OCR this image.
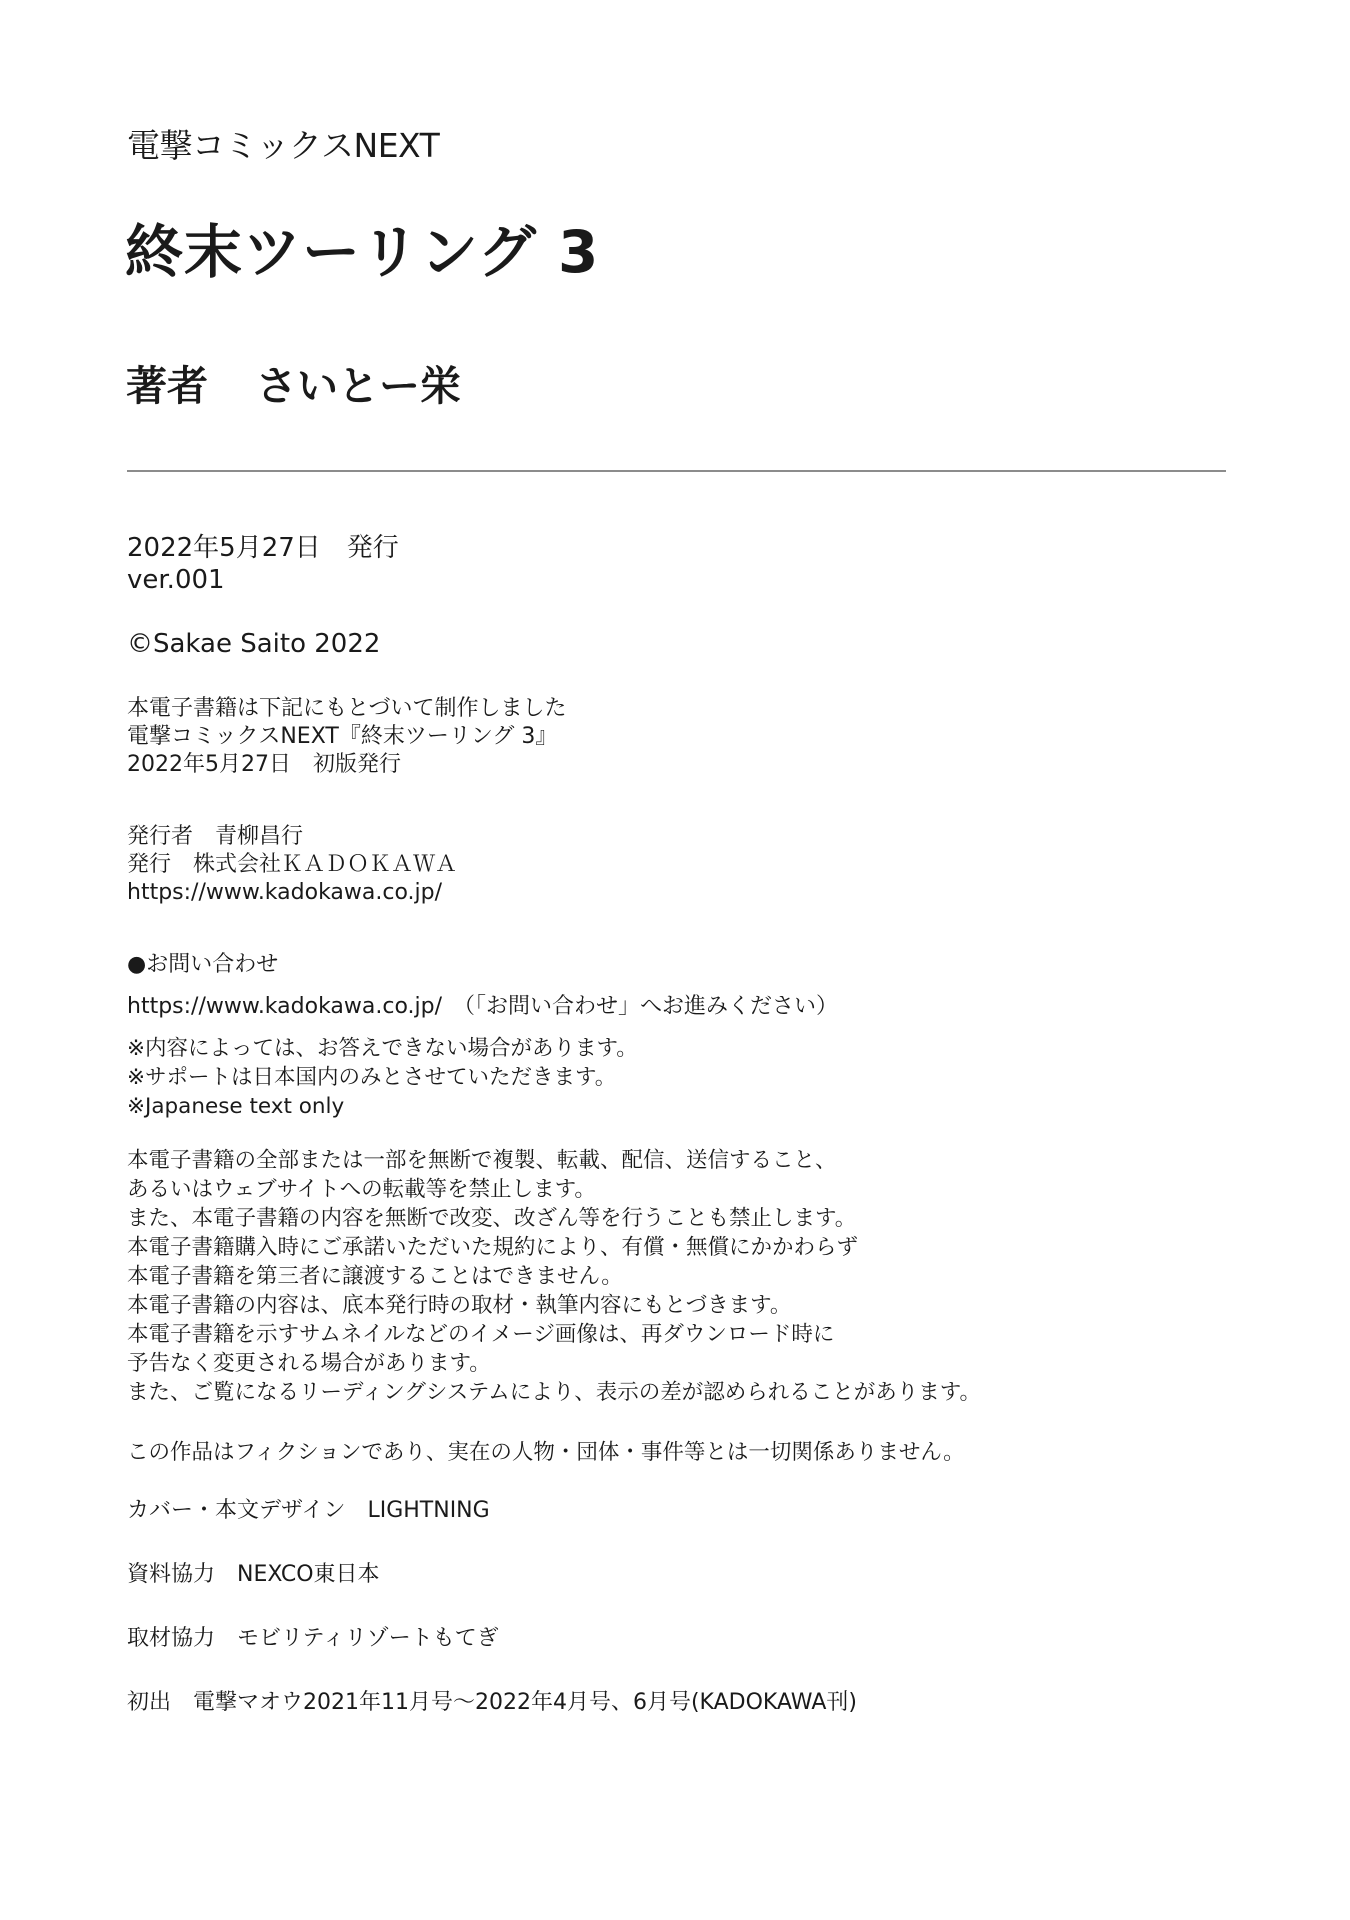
電撃コミックスNEXT
終末ツーリング 3
著者 さいとー栄
2022年5月27日　発行
ver.001
©Sakae Saito 2022
本電子書籍は下記にもとづいて制作しました
電撃コミックスNEXT『終末ツーリング 3』
2022年5月27日　初版発行
発行者　青柳昌行
発行　株式会社ＫＡＤＯＫＡＷＡ
https://www.kadokawa.co.jp/
●お問い合わせ
https://www.kadokawa.co.jp/　（「お問い合わせ」へお進みください）
※内容によっては、お答えできない場合があります。
※サポートは日本国内のみとさせていただきます。
※Japanese text only
本電子書籍の全部または一部を無断で複製、転載、配信、送信すること、
あるいはウェブサイトへの転載等を禁止します。
また、本電子書籍の内容を無断で改変、改ざん等を行うことも禁止します。
本電子書籍購入時にご承諾いただいた規約により、有償・無償にかかわらず
本電子書籍を第三者に譲渡することはできません。
本電子書籍の内容は、底本発行時の取材・執筆内容にもとづきます。
本電子書籍を示すサムネイルなどのイメージ画像は、再ダウンロード時に
予告なく変更される場合があります。
また、ご覧になるリーディングシステムにより、表示の差が認められることがあります。
この作品はフィクションであり、実在の人物・団体・事件等とは一切関係ありません。
カバー・本文デザイン　LIGHTNING
資料協力　NEXCO東日本
取材協力　モビリティリゾートもてぎ
初出　電撃マオウ2021年11月号〜2022年4月号、6月号(KADOKAWA刊)
